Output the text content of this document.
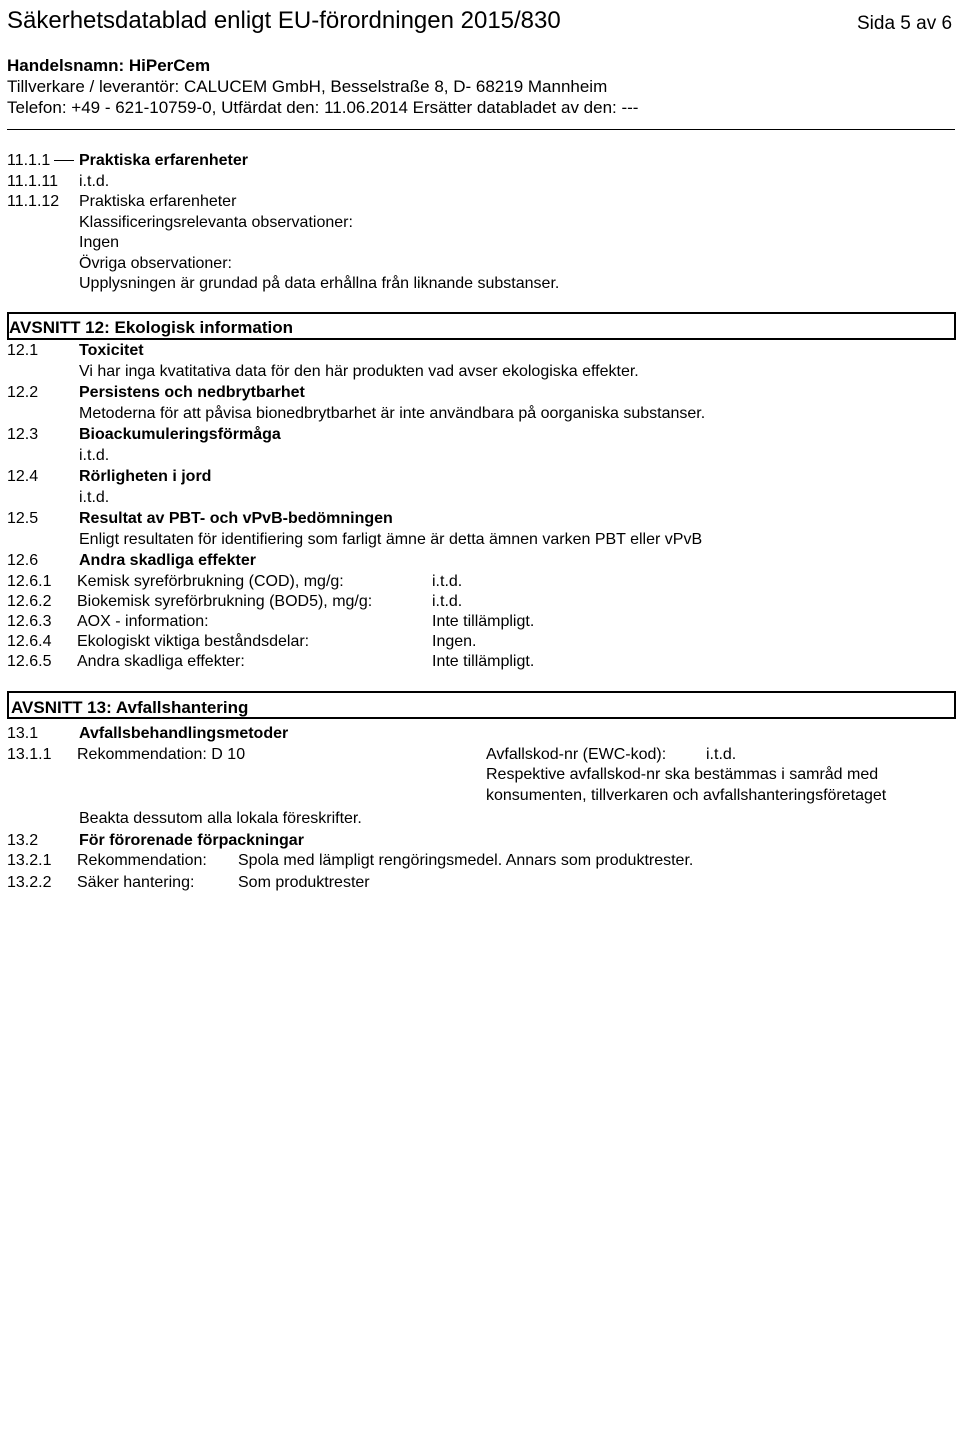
Säkerhetsdatablad enligt EU-förordningen 2015/830	Sida 5 av 6
Handelsnamn: HiPerCem
Tillverkare / leverantör: CALUCEM GmbH, Besselstraße 8, D- 68219 Mannheim
Telefon: +49 - 621-10759-0, Utfärdat den: 11.06.2014 Ersätter databladet av den: ---
11.1.1 Praktiska erfarenheter
11.1.11 i.t.d.
11.1.12 Praktiska erfarenheter
Klassificeringsrelevanta observationer:
Ingen
Övriga observationer:
Upplysningen är grundad på data erhållna från liknande substanser.
AVSNITT 12: Ekologisk information
12.1	Toxicitet
Vi har inga kvatitativa data för den här produkten vad avser ekologiska effekter.
12.2	Persistens och nedbrytbarhet
Metoderna för att påvisa bionedbrytbarhet är inte användbara på oorganiska substanser.
12.3	Bioackumuleringsförmåga
i.t.d.
12.4	Rörligheten i jord
i.t.d.
12.5	Resultat av PBT- och vPvB-bedömningen
Enligt resultaten för identifiering som farligt ämne är detta ämnen varken PBT eller vPvB
12.6	Andra skadliga effekter
12.6.1 Kemisk syreförbrukning (COD), mg/g:	i.t.d.
12.6.2 Biokemisk syreförbrukning (BOD5), mg/g:	i.t.d.
12.6.3 AOX - information:	Inte tillämpligt.
12.6.4 Ekologiskt viktiga beståndsdelar:	Ingen.
12.6.5 Andra skadliga effekter:	Inte tillämpligt.
AVSNITT 13: Avfallshantering
13.1	Avfallsbehandlingsmetoder
13.1.1 Rekommendation: D 10	Avfallskod-nr (EWC-kod): i.t.d.
Respektive avfallskod-nr ska bestämmas i samråd med
konsumenten, tillverkaren och avfallshanteringsföretaget
Beakta dessutom alla lokala föreskrifter.
13.2	För förorenade förpackningar
13.2.1 Rekommendation: Spola med lämpligt rengöringsmedel. Annars som produktrester.
13.2.2 Säker hantering:	Som produktrester
